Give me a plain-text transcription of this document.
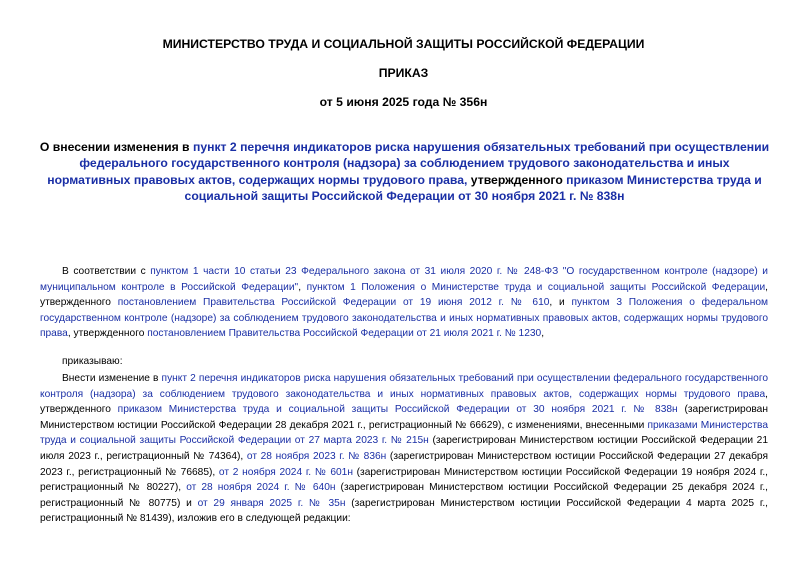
МИНИСТЕРСТВО ТРУДА И СОЦИАЛЬНОЙ ЗАЩИТЫ РОССИЙСКОЙ ФЕДЕРАЦИИ
ПРИКАЗ
от 5 июня 2025 года № 356н
О внесении изменения в пункт 2 перечня индикаторов риска нарушения обязательных требований при осуществлении федерального государственного контроля (надзора) за соблюдением трудового законодательства и иных нормативных правовых актов, содержащих нормы трудового права, утвержденного приказом Министерства труда и социальной защиты Российской Федерации от 30 ноября 2021 г. № 838н
В соответствии с пунктом 1 части 10 статьи 23 Федерального закона от 31 июля 2020 г. № 248-ФЗ "О государственном контроле (надзоре) и муниципальном контроле в Российской Федерации", пунктом 1 Положения о Министерстве труда и социальной защиты Российской Федерации, утвержденного постановлением Правительства Российской Федерации от 19 июня 2012 г. № 610, и пунктом 3 Положения о федеральном государственном контроле (надзоре) за соблюдением трудового законодательства и иных нормативных правовых актов, содержащих нормы трудового права, утвержденного постановлением Правительства Российской Федерации от 21 июля 2021 г. № 1230,
приказываю:
Внести изменение в пункт 2 перечня индикаторов риска нарушения обязательных требований при осуществлении федерального государственного контроля (надзора) за соблюдением трудового законодательства и иных нормативных правовых актов, содержащих нормы трудового права, утвержденного приказом Министерства труда и социальной защиты Российской Федерации от 30 ноября 2021 г. № 838н (зарегистрирован Министерством юстиции Российской Федерации 28 декабря 2021 г., регистрационный № 66629), с изменениями, внесенными приказами Министерства труда и социальной защиты Российской Федерации от 27 марта 2023 г. № 215н (зарегистрирован Министерством юстиции Российской Федерации 21 июля 2023 г., регистрационный № 74364), от 28 ноября 2023 г. № 836н (зарегистрирован Министерством юстиции Российской Федерации 27 декабря 2023 г., регистрационный № 76685), от 2 ноября 2024 г. № 601н (зарегистрирован Министерством юстиции Российской Федерации 19 ноября 2024 г., регистрационный № 80227), от 28 ноября 2024 г. № 640н (зарегистрирован Министерством юстиции Российской Федерации 25 декабря 2024 г., регистрационный № 80775) и от 29 января 2025 г. № 35н (зарегистрирован Министерством юстиции Российской Федерации 4 марта 2025 г., регистрационный № 81439), изложив его в следующей редакции:
